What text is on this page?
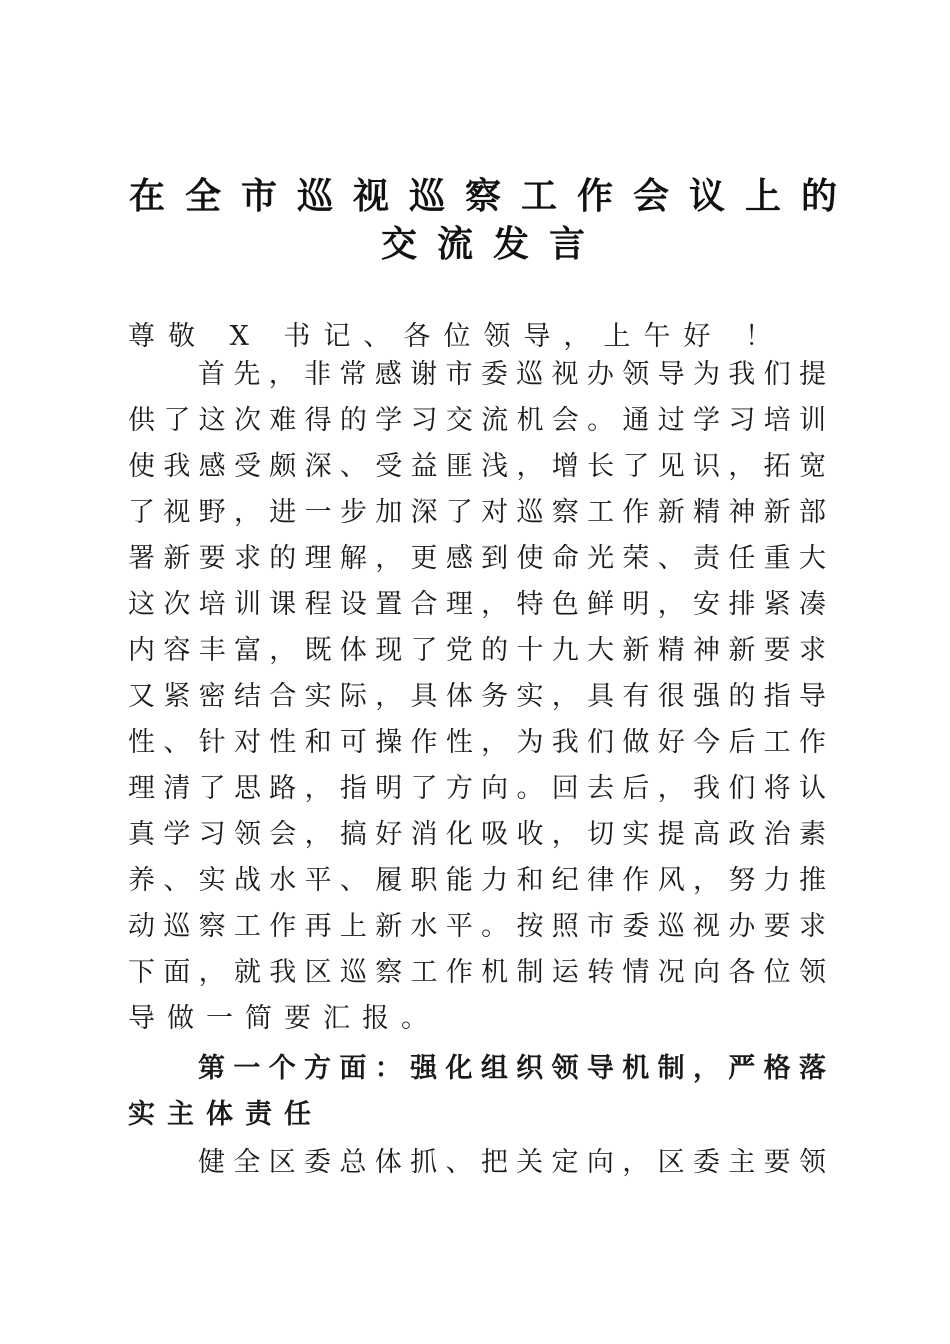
在全市巡视巡察工作会议上的
交流发言
尊敬 X 书记、各位领导，上午好 ！
首先，非常感谢市委巡视办领导为我们提
供了这次难得的学习交流机会。通过学习培训
使我感受颇深、受益匪浅，增长了见识，拓宽
了视野，进一步加深了对巡察工作新精神新部
署新要求的理解，更感到使命光荣、责任重大
这次培训课程设置合理，特色鲜明，安排紧凑
内容丰富，既体现了党的十九大新精神新要求
又紧密结合实际，具体务实，具有很强的指导
性、针对性和可操作性，为我们做好今后工作
理清了思路，指明了方向。回去后，我们将认
真学习领会，搞好消化吸收，切实提高政治素
养、实战水平、履职能力和纪律作风，努力推
动巡察工作再上新水平。按照市委巡视办要求
下面，就我区巡察工作机制运转情况向各位领
导做一简要汇报。
第一个方面：强化组织领导机制，严格落
实主体责任
健全区委总体抓、把关定向，区委主要领
